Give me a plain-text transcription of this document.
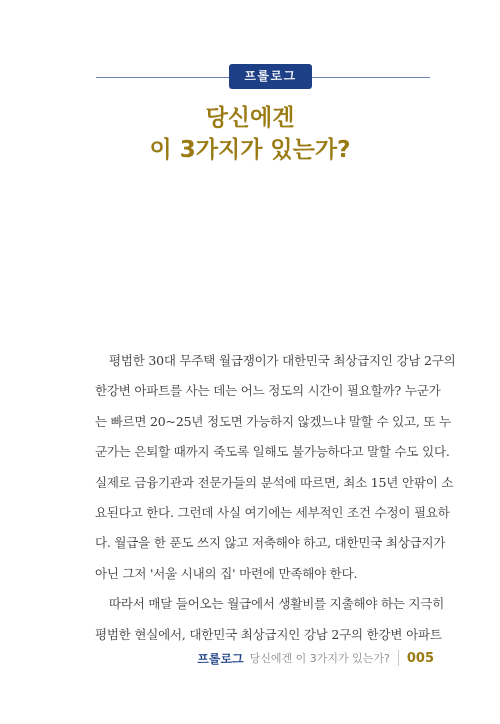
프롤로그
당신에겐
이 3가지가 있는가?
평범한 30대 무주택 월급쟁이가 대한민국 최상급지인 강남 2구의
한강변 아파트를 사는 데는 어느 정도의 시간이 필요할까? 누군가
는 빠르면 20~25년 정도면 가능하지 않겠느냐 말할 수 있고, 또 누
군가는 은퇴할 때까지 죽도록 일해도 불가능하다고 말할 수도 있다.
실제로 금융기관과 전문가들의 분석에 따르면, 최소 15년 안팎이 소
요된다고 한다. 그런데 사실 여기에는 세부적인 조건 수정이 필요하
다. 월급을 한 푼도 쓰지 않고 저축해야 하고, 대한민국 최상급지가
아닌 그저 '서울 시내의 집' 마련에 만족해야 한다.
따라서 매달 들어오는 월급에서 생활비를 지출해야 하는 지극히
평범한 현실에서, 대한민국 최상급지인 강남 2구의 한강변 아파트
프롤로그 당신에겐 이 3가지가 있는가? 005
